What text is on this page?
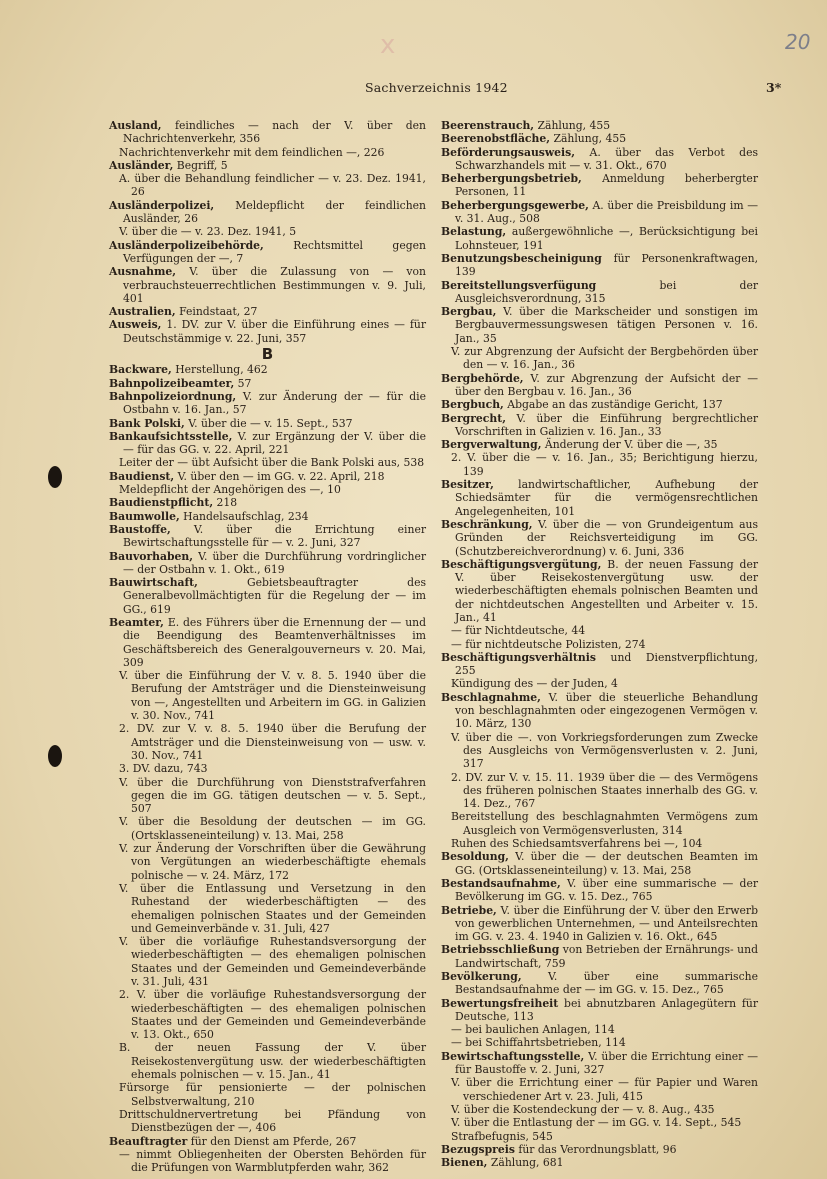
x	20
Sachverzeichnis 1942	3*

Ausland, feindliches — nach der V. über den Nachrichtenverkehr, 356

Nachrichtenverkehr mit dem feindlichen —, 226

Ausländer, Begriff, 5

A. über die Behandlung feindlicher — v. 23. Dez. 1941, 26

Ausländerpolizei, Meldepflicht der feindlichen Ausländer, 26

V. über die — v. 23. Dez. 1941, 5

Ausländerpolizeibehörde,	Rechtsmittel gegen Verfügungen der —, 7

Ausnahme, V. über die Zulassung von — von verbrauchsteuerrechtlichen Bestimmungen v. 9. Juli, 401

Australien, Feindstaat, 27

Ausweis, 1. DV. zur V. über die Einführung eines — für Deutschstämmige v. 22. Juni, 357

B

Backware, Herstellung, 462

Bahnpolizeibeamter, 57

Bahnpolizeiordnung, V. zur Änderung der — für die Ostbahn v. 16. Jan., 57

Bank Polski, V. über die — v. 15. Sept., 537

Bankaufsichtsstelle, V. zur Ergänzung der V. über die — für das GG. v. 22. April, 221

Leiter der — übt Aufsicht über die Bank Polski aus, 538

Baudienst, V. über den — im GG. v. 22. April, 218

Meldepflicht der Angehörigen des —, 10

Baudienstpflicht, 218

Baumwolle, Handelsaufschlag, 234

Baustoffe, V. über die Errichtung einer Bewirtschaftungsstelle für — v. 2. Juni, 327

Bauvorhaben, V. über die Durchführung vordringlicher — der Ostbahn v. 1. Okt., 619

Bauwirtschaft,	Gebietsbeauftragter des Generalbevollmächtigten für die Regelung der — im GG., 619

Beamter, E. des Führers über die Ernennung der — und die Beendigung des Beamtenverhältnisses im Geschäftsbereich des Generalgouverneurs v. 20. Mai, 309

V. über die Einführung der V. v. 8. 5. 1940 über die Berufung der Amtsträger und die Diensteinweisung von —, Angestellten und Arbeitern im GG. in Galizien v. 30. Nov., 741

2. DV. zur V. v. 8. 5. 1940 über die Berufung der Amtsträger und die Diensteinweisung von — usw. v. 30. Nov., 741

3. DV. dazu, 743

V. über die Durchführung von Dienststrafverfahren gegen die im GG. tätigen deutschen — v. 5. Sept., 507

V. über die Besoldung der deutschen — im GG. (Ortsklasseneinteilung) v. 13. Mai, 258

V. zur Änderung der Vorschriften über die Gewährung von Vergütungen an wiederbeschäftigte ehemals polnische — v. 24. März, 172

V. über die Entlassung und Versetzung in den Ruhestand der wiederbeschäftigten — des ehemaligen polnischen Staates und der Gemeinden und Gemeinverbände v. 31. Juli, 427

V. über die vorläufige Ruhestandsversorgung der wiederbeschäftigten — des ehemaligen polnischen Staates und der Gemeinden und Gemeindeverbände v. 31. Juli, 431

2. V. über die vorläufige Ruhestandsversorgung der wiederbeschäftigten — des ehemaligen polnischen Staates und der Gemeinden und Gemeindeverbände v. 13. Okt., 650

B. der neuen Fassung der V. über Reisekostenvergütung usw. der wiederbeschäftigten ehemals polnischen — v. 15. Jan., 41

Fürsorge für pensionierte — der polnischen Selbstverwaltung, 210

Drittschuldnervertretung bei Pfändung von Dienstbezügen der —, 406

Beauftragter für den Dienst am Pferde, 267

— nimmt Obliegenheiten der Obersten Behörden für die Prüfungen von Warmblutpferden wahr, 362

Beerenstrauch, Zählung, 455

Beerenobstfläche, Zählung, 455

Beförderungsausweis, A. über das Verbot des Schwarzhandels mit — v. 31. Okt., 670

Beherbergungsbetrieb, Anmeldung beherbergter Personen, 11

Beherbergungsgewerbe, A. über die Preisbildung im — v. 31. Aug., 508

Belastung, außergewöhnliche —, Berücksichtigung bei Lohnsteuer, 191

Benutzungsbescheinigung für Personenkraftwagen, 139

Bereitstellungsverfügung	bei der Ausgleichsverordnung, 315

Bergbau, V. über die Markscheider und sonstigen im Bergbauvermessungswesen tätigen Personen v. 16. Jan., 35

V. zur Abgrenzung der Aufsicht der Bergbehörden über den — v. 16. Jan., 36

Bergbehörde, V. zur Abgrenzung der Aufsicht der — über den Bergbau v. 16. Jan., 36

Bergbuch, Abgabe an das zuständige Gericht, 137

Bergrecht, V. über die Einführung bergrechtlicher Vorschriften in Galizien v. 16. Jan., 33

Bergverwaltung, Änderung der V. über die —, 35

2. V. über die — v. 16. Jan., 35; Berichtigung hierzu, 139

Besitzer, landwirtschaftlicher, Aufhebung der Schiedsämter für die vermögensrechtlichen Angelegenheiten, 101

Beschränkung, V. über die — von Grundeigentum aus Gründen der Reichsverteidigung im GG. (Schutzbereichverordnung) v. 6. Juni, 336

Beschäftigungsvergütung, B. der neuen Fassung der V. über Reisekostenvergütung usw. der wiederbeschäftigten ehemals polnischen Beamten und der nichtdeutschen Angestellten und Arbeiter v. 15. Jan., 41

— für Nichtdeutsche, 44

— für nichtdeutsche Polizisten, 274

Beschäftigungsverhältnis und Dienstverpflichtung, 255

Kündigung des — der Juden, 4

Beschlagnahme, V. über die steuerliche Behandlung von beschlagnahmten oder eingezogenen Vermögen v. 10. März, 130

V. über die —. von Vorkriegsforderungen zum Zwecke des Ausgleichs von Vermögensverlusten v. 2. Juni, 317

2. DV. zur V. v. 15. 11. 1939 über die — des Vermögens des früheren polnischen Staates innerhalb des GG. v. 14. Dez., 767

Bereitstellung des beschlagnahmten Vermögens zum Ausgleich von Vermögensverlusten, 314

Ruhen des Schiedsamtsverfahrens bei —, 104

Besoldung, V. über die — der deutschen Beamten im GG. (Ortsklasseneinteilung) v. 13. Mai, 258

Bestandsaufnahme, V. über eine summarische — der Bevölkerung im GG. v. 15. Dez., 765

Betriebe, V. über die Einführung der V. über den Erwerb von gewerblichen Unternehmen, — und Anteilsrechten im GG. v. 23. 4. 1940 in Galizien v. 16. Okt., 645

Betriebsschließung von Betrieben der Ernährungs- und Landwirtschaft, 759

Bevölkerung, V. über eine summarische Bestandsaufnahme der — im GG. v. 15. Dez., 765

Bewertungsfreiheit bei abnutzbaren Anlagegütern für Deutsche, 113

— bei baulichen Anlagen, 114

— bei Schiffahrtsbetrieben, 114

Bewirtschaftungsstelle, V. über die Errichtung einer — für Baustoffe v. 2. Juni, 327

V. über die Errichtung einer — für Papier und Waren verschiedener Art v. 23. Juli, 415

V. über die Kostendeckung der — v. 8. Aug., 435

V. über die Entlastung der — im GG. v. 14. Sept., 545

Strafbefugnis, 545

Bezugspreis für das Verordnungsblatt, 96

Bienen, Zählung, 681
